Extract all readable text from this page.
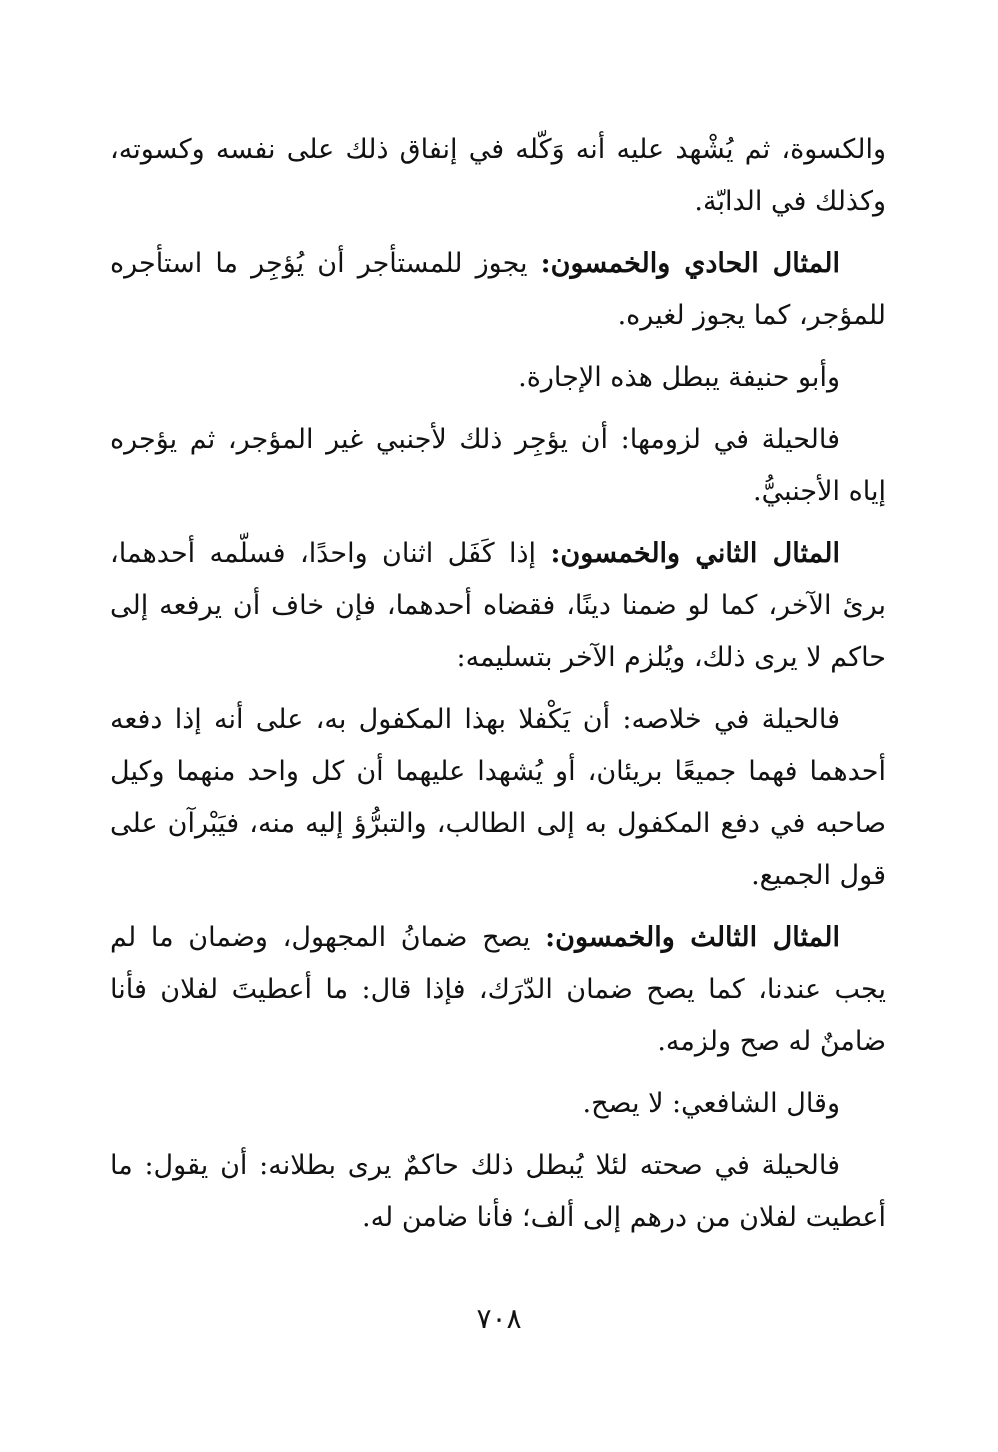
والكسوة، ثم يُشْهد عليه أنه وَكّله في إنفاق ذلك على نفسه وكسوته، وكذلك في الدابّة.

المثال الحادي والخمسون: يجوز للمستأجر أن يُؤجِر ما استأجره للمؤجر، كما يجوز لغيره.

وأبو حنيفة يبطل هذه الإجارة.

فالحيلة في لزومها: أن يؤجِر ذلك لأجنبي غير المؤجر، ثم يؤجره إياه الأجنبيُّ.

المثال الثاني والخمسون: إذا كَفَل اثنان واحدًا، فسلّمه أحدهما، برئ الآخر، كما لو ضمنا دينًا، فقضاه أحدهما، فإن خاف أن يرفعه إلى حاكم لا يرى ذلك، ويُلزم الآخر بتسليمه:

فالحيلة في خلاصه: أن يَكْفلا بهذا المكفول به، على أنه إذا دفعه أحدهما فهما جميعًا بريئان، أو يُشهدا عليهما أن كل واحد منهما وكيل صاحبه في دفع المكفول به إلى الطالب، والتبرُّؤ إليه منه، فيَبْرآن على قول الجميع.

المثال الثالث والخمسون: يصح ضمانُ المجهول، وضمان ما لم يجب عندنا، كما يصح ضمان الدّرَك، فإذا قال: ما أعطيتَ لفلان فأنا ضامنٌ له صح ولزمه.

وقال الشافعي: لا يصح.

فالحيلة في صحته لئلا يُبطل ذلك حاكمٌ يرى بطلانه: أن يقول: ما أعطيت لفلان من درهم إلى ألف؛ فأنا ضامن له.

٧٠٨
